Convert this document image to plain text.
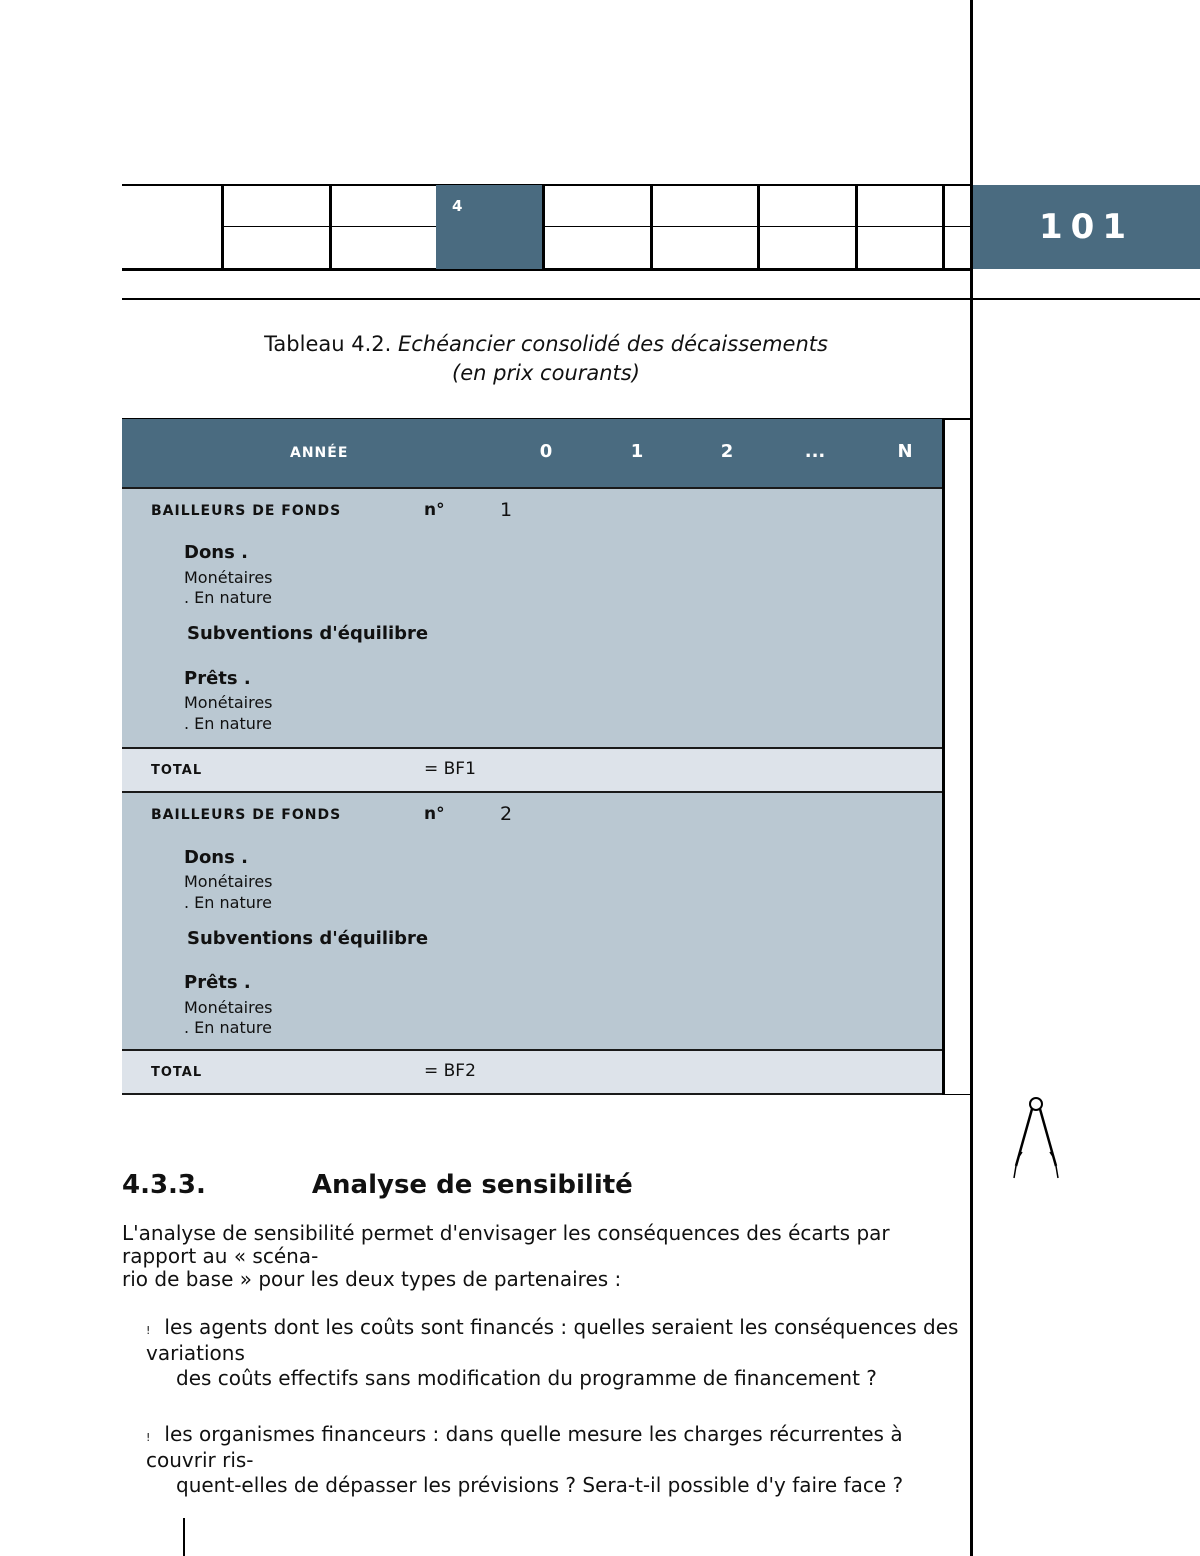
4
101
Tableau 4.2. Echéancier consolidé des décaissements
(en prix courants)
ANNÉE	0	1	2	...	N
BAILLEURS DE FONDS	n°	1
Dons .
Monétaires
. En nature
Subventions d'équilibre
Prêts .
Monétaires
. En nature
TOTAL	= BF1
BAILLEURS DE FONDS	n°	2
Dons .
Monétaires
. En nature
Subventions d'équilibre
Prêts .
Monétaires
. En nature
TOTAL	= BF2
4.3.3.	Analyse de sensibilité
L'analyse de sensibilité permet d'envisager les conséquences des écarts par rapport au « scéna-
rio de base » pour les deux types de partenaires :
! les agents dont les coûts sont financés : quelles seraient les conséquences des variations
des coûts effectifs sans modification du programme de financement ?
! les organismes financeurs : dans quelle mesure les charges récurrentes à couvrir ris-
quent-elles de dépasser les prévisions ? Sera-t-il possible d'y faire face ?
